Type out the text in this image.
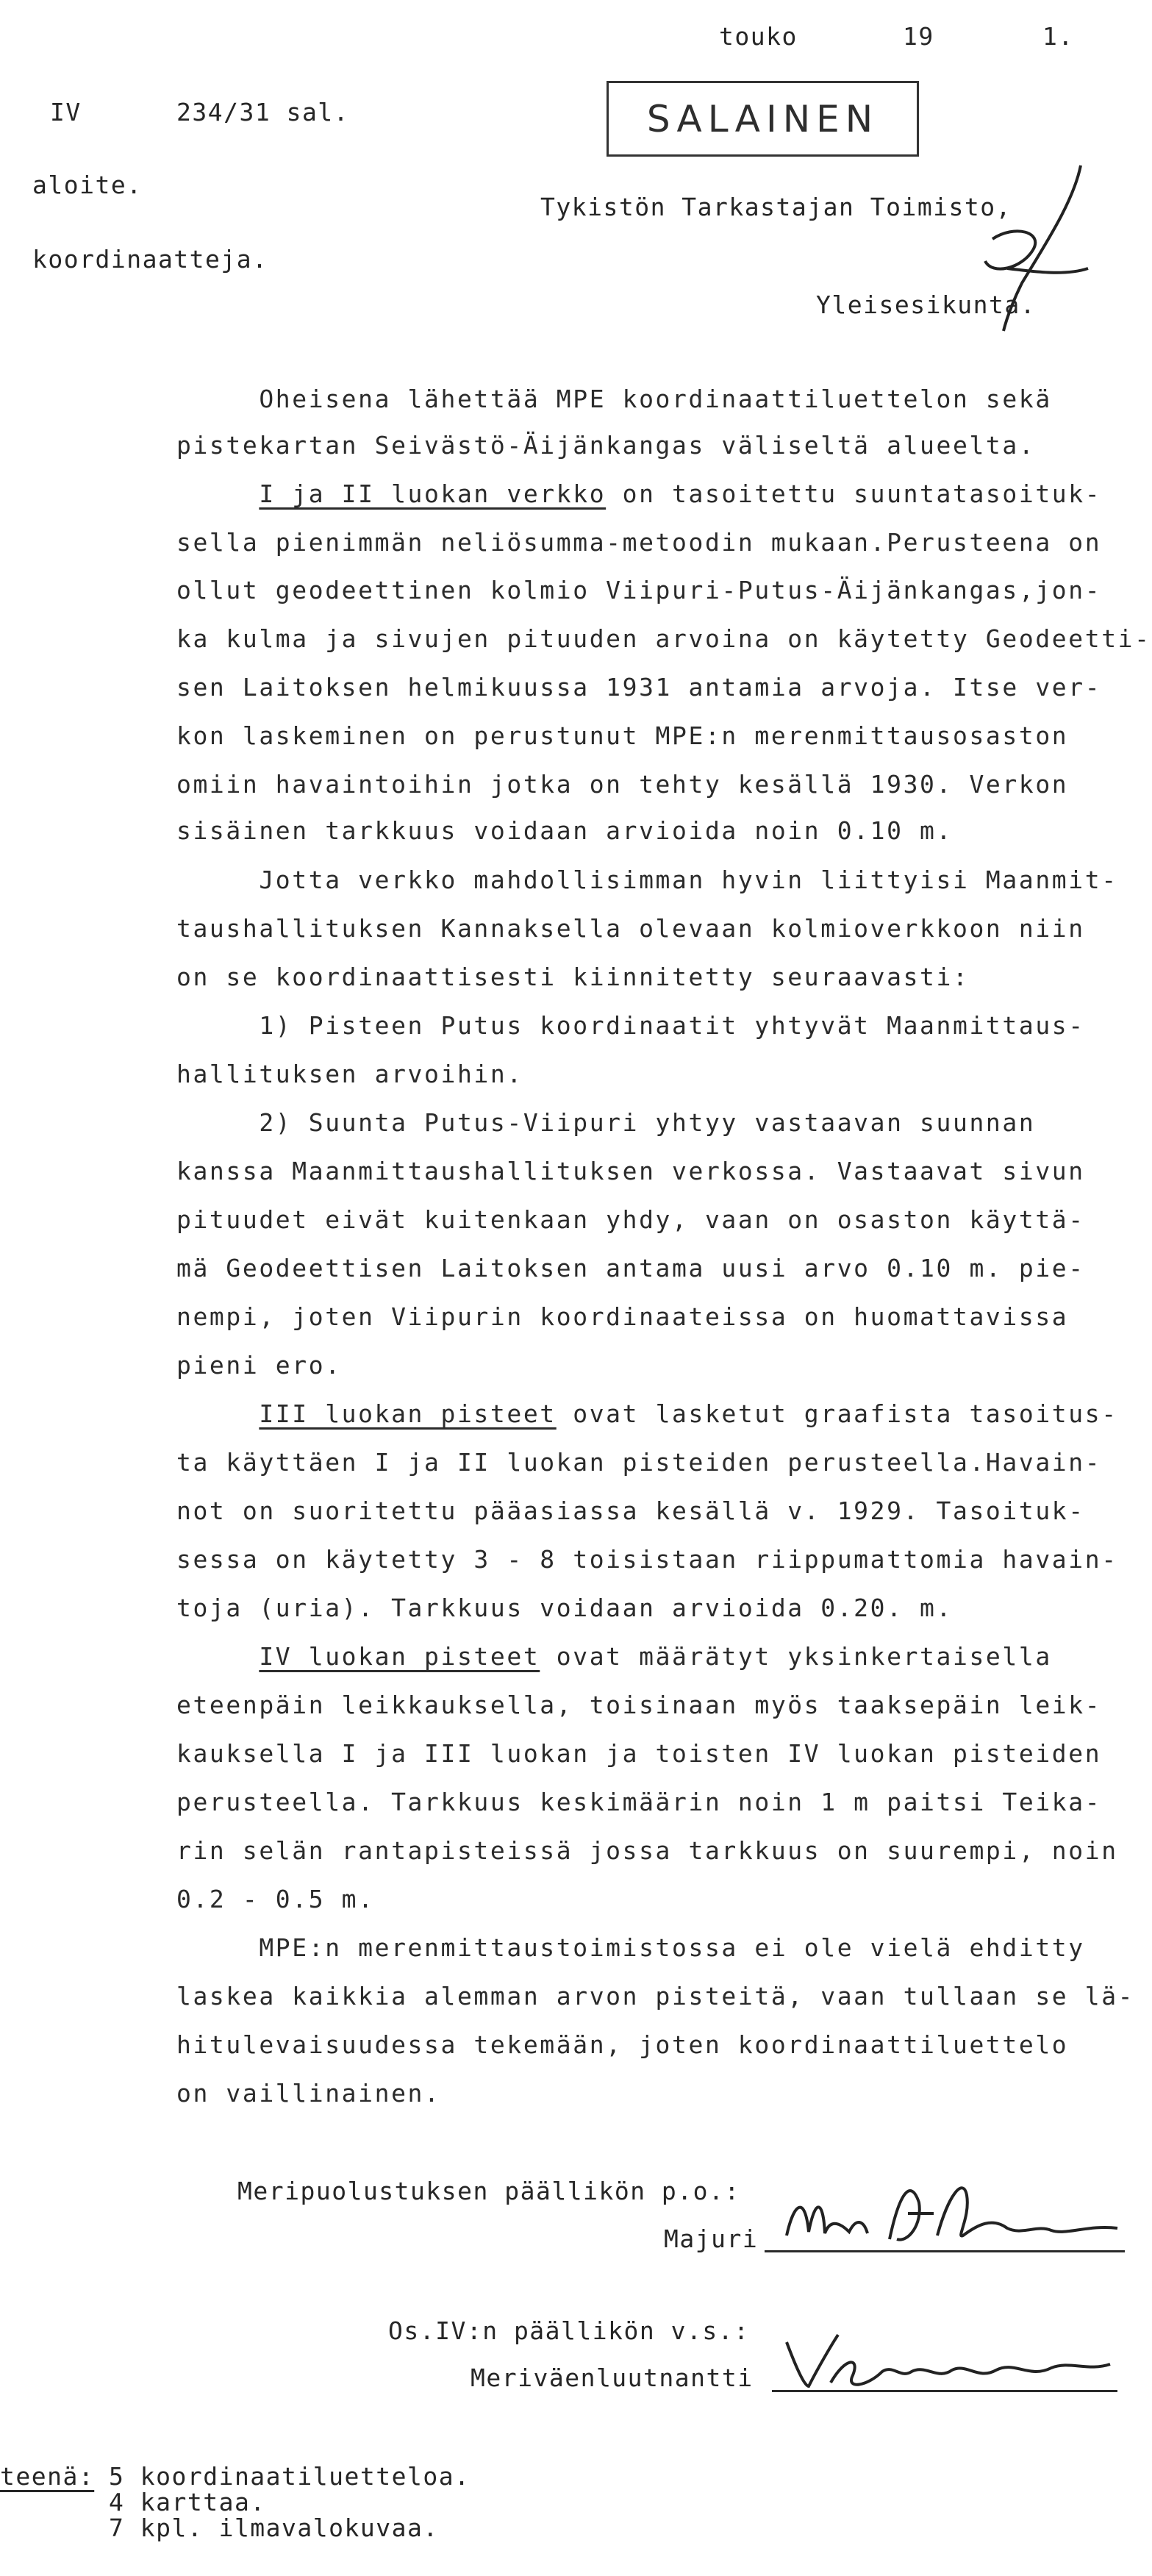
touko	19	1.
IV	234/31 sal.	SALAINEN
aloite.
Tykistön Tarkastajan Toimisto,
koordinaatteja.
Yleisesikunta.
Oheisena lähettää MPE koordinaattiluettelon sekä
pistekartan Seivästö-Äijänkangas väliseltä alueelta.
I ja II luokan verkko on tasoitettu suuntatasoituk-
sella pienimmän neliösumma-metoodin mukaan.Perusteena on
ollut geodeettinen kolmio Viipuri-Putus-Äijänkangas,jon-
ka kulma ja sivujen pituuden arvoina on käytetty Geodeetti-
sen Laitoksen helmikuussa 1931 antamia arvoja. Itse ver-
kon laskeminen on perustunut MPE:n merenmittausosaston
omiin havaintoihin jotka on tehty kesällä 1930. Verkon
sisäinen tarkkuus voidaan arvioida noin 0.10 m.
Jotta verkko mahdollisimman hyvin liittyisi Maanmit-
taushallituksen Kannaksella olevaan kolmioverkkoon niin
on se koordinaattisesti kiinnitetty seuraavasti:
1) Pisteen Putus koordinaatit yhtyvät Maanmittaus-
hallituksen arvoihin.
2) Suunta Putus-Viipuri yhtyy vastaavan suunnan
kanssa Maanmittaushallituksen verkossa. Vastaavat sivun
pituudet eivät kuitenkaan yhdy, vaan on osaston käyttä-
mä Geodeettisen Laitoksen antama uusi arvo 0.10 m. pie-
nempi, joten Viipurin koordinaateissa on huomattavissa
pieni ero.
III luokan pisteet ovat lasketut graafista tasoitus-
ta käyttäen I ja II luokan pisteiden perusteella.Havain-
not on suoritettu pääasiassa kesällä v. 1929. Tasoituk-
sessa on käytetty 3 - 8 toisistaan riippumattomia havain-
toja (uria). Tarkkuus voidaan arvioida 0.20. m.
IV luokan pisteet ovat määrätyt yksinkertaisella
eteenpäin leikkauksella, toisinaan myös taaksepäin leik-
kauksella I ja III luokan ja toisten IV luokan pisteiden
perusteella. Tarkkuus keskimäärin noin 1 m paitsi Teika-
rin selän rantapisteissä jossa tarkkuus on suurempi, noin
0.2 - 0.5 m.
MPE:n merenmittaustoimistossa ei ole vielä ehditty
laskea kaikkia alemman arvon pisteitä, vaan tullaan se lä-
hitulevaisuudessa tekemään, joten koordinaattiluettelo
on vaillinainen.
Meripuolustuksen päällikön p.o.:
Majuri
Os.IV:n päällikön v.s.:
Meriväenluutnantti
teenä: 5 koordinaatiluetteloa.
4 karttaa.
7 kpl. ilmavalokuvaa.
